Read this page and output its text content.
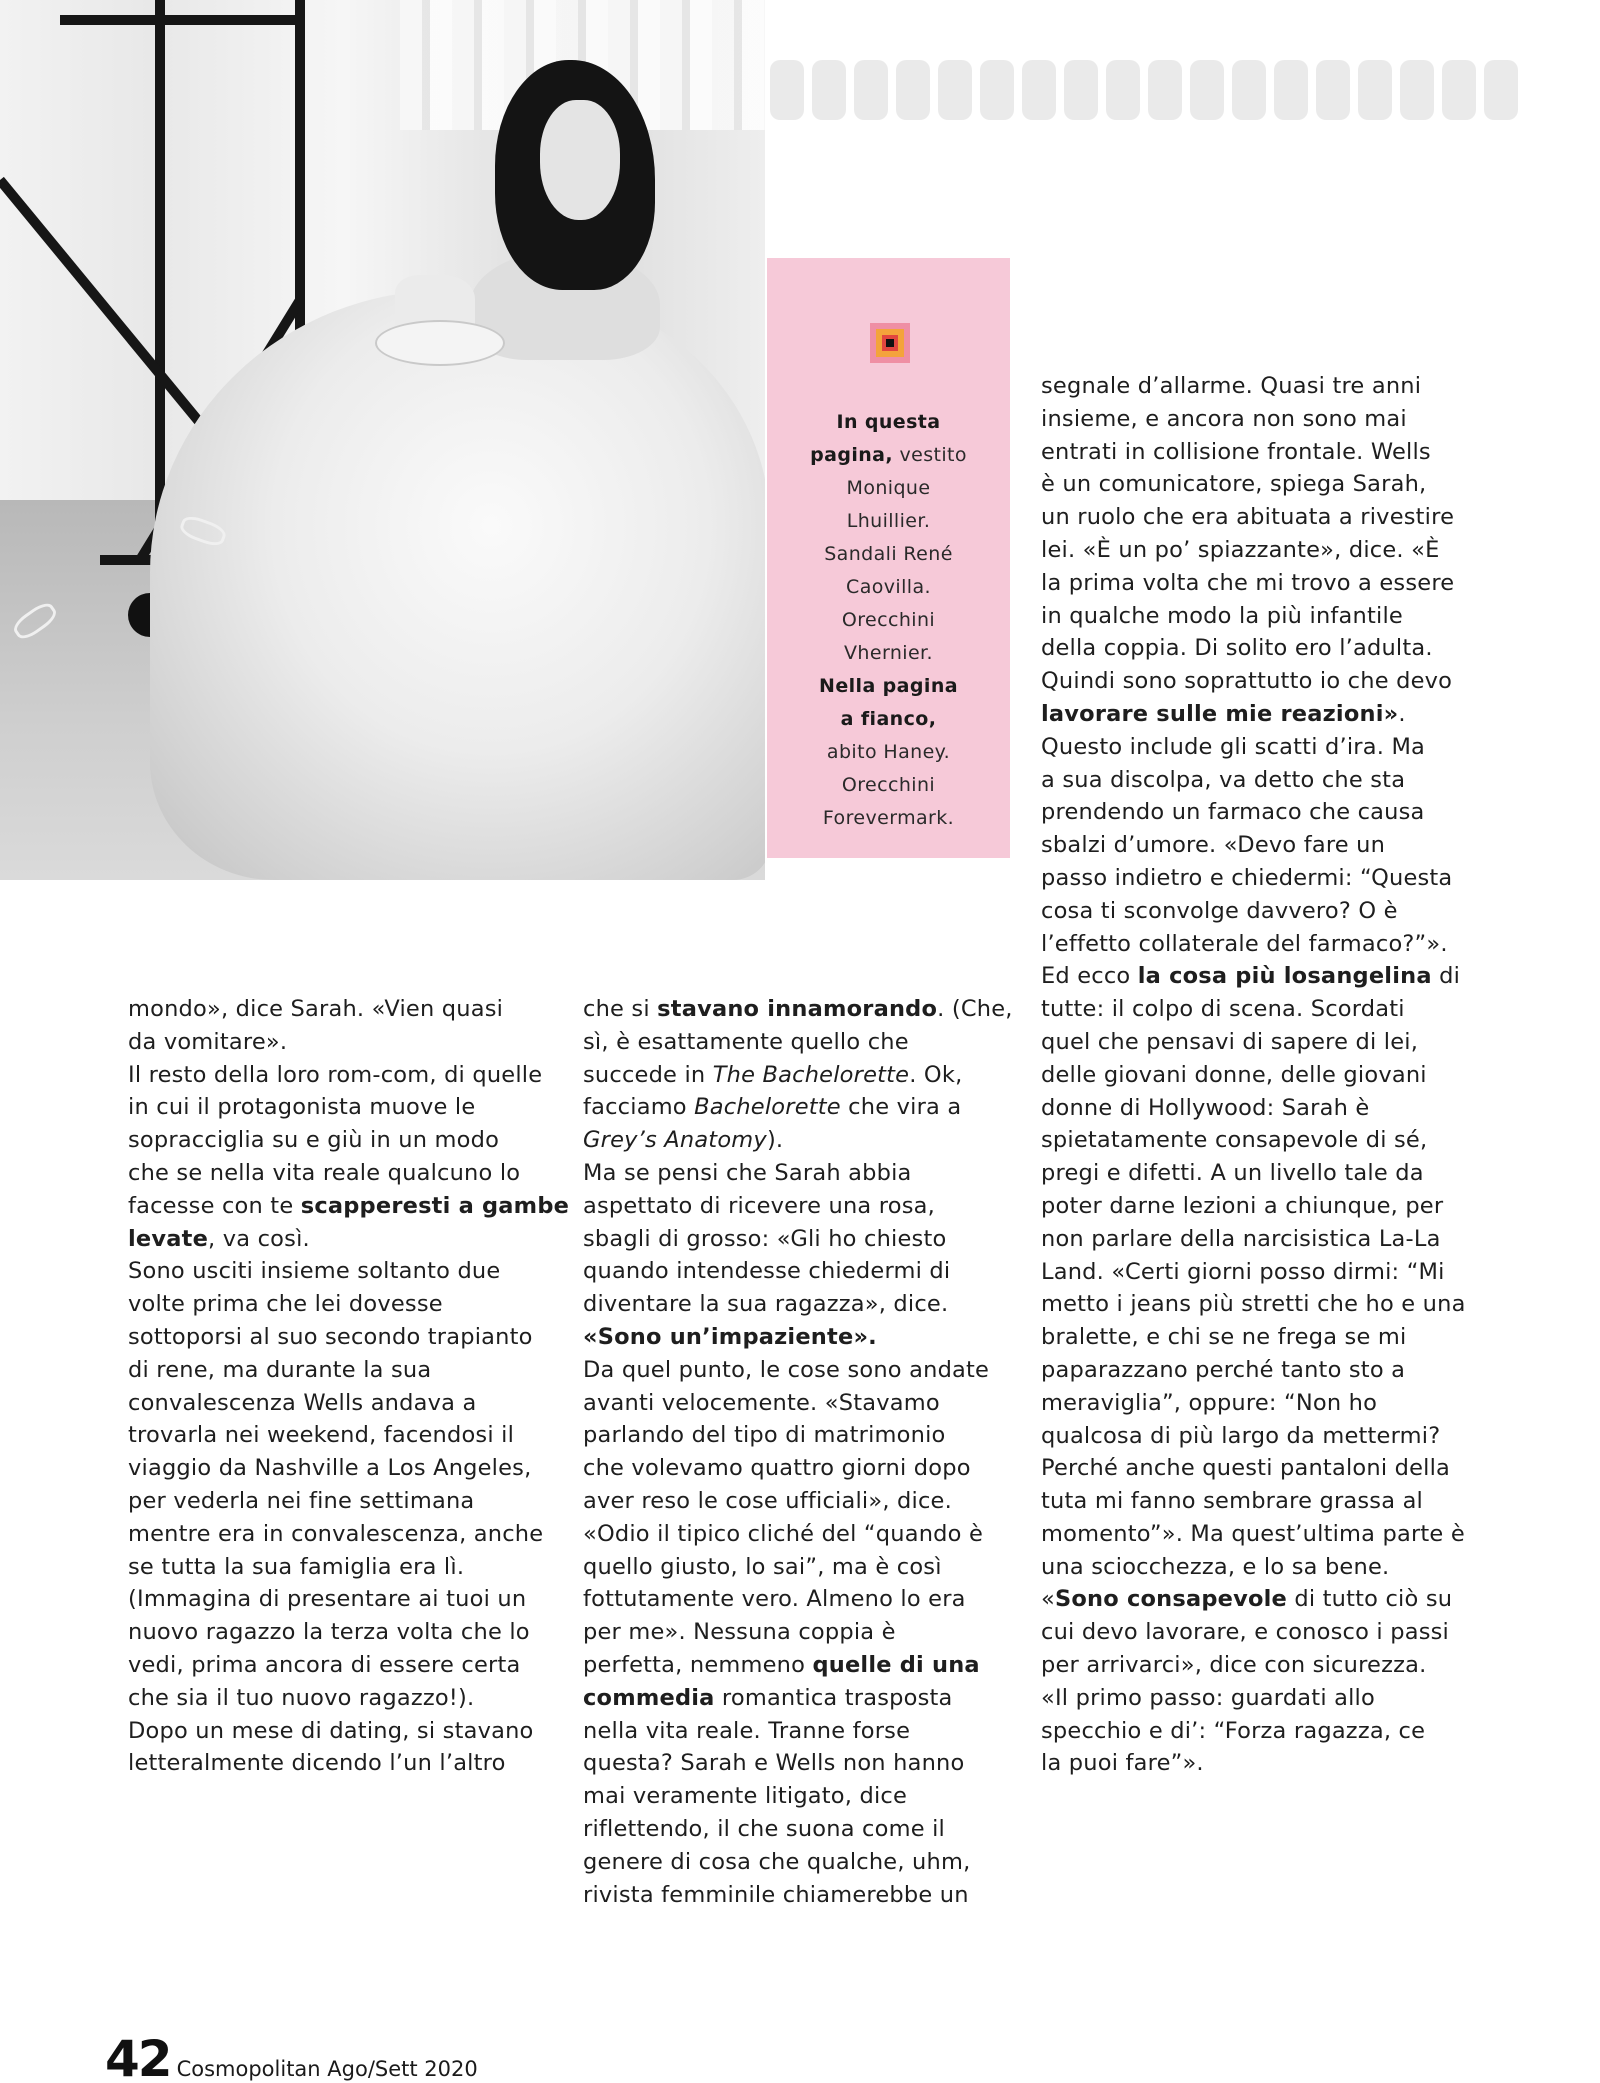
In questa
pagina, vestito
Monique
Lhuillier.
Sandali René
Caovilla.
Orecchini
Vhernier.
Nella pagina
a fianco,
abito Haney.
Orecchini
Forevermark.
mondo», dice Sarah. «Vien quasi
da vomitare».
Il resto della loro rom-com, di quelle
in cui il protagonista muove le
sopracciglia su e giù in un modo
che se nella vita reale qualcuno lo
facesse con te scapperesti a gambe
levate, va così.
Sono usciti insieme soltanto due
volte prima che lei dovesse
sottoporsi al suo secondo trapianto
di rene, ma durante la sua
convalescenza Wells andava a
trovarla nei weekend, facendosi il
viaggio da Nashville a Los Angeles,
per vederla nei fine settimana
mentre era in convalescenza, anche
se tutta la sua famiglia era lì.
(Immagina di presentare ai tuoi un
nuovo ragazzo la terza volta che lo
vedi, prima ancora di essere certa
che sia il tuo nuovo ragazzo!).
Dopo un mese di dating, si stavano
letteralmente dicendo l’un l’altro
che si stavano innamorando. (Che,
sì, è esattamente quello che
succede in The Bachelorette. Ok,
facciamo Bachelorette che vira a
Grey’s Anatomy).
Ma se pensi che Sarah abbia
aspettato di ricevere una rosa,
sbagli di grosso: «Gli ho chiesto
quando intendesse chiedermi di
diventare la sua ragazza», dice.
«Sono un’impaziente».
Da quel punto, le cose sono andate
avanti velocemente. «Stavamo
parlando del tipo di matrimonio
che volevamo quattro giorni dopo
aver reso le cose ufficiali», dice.
«Odio il tipico cliché del “quando è
quello giusto, lo sai”, ma è così
fottutamente vero. Almeno lo era
per me». Nessuna coppia è
perfetta, nemmeno quelle di una
commedia romantica trasposta
nella vita reale. Tranne forse
questa? Sarah e Wells non hanno
mai veramente litigato, dice
riflettendo, il che suona come il
genere di cosa che qualche, uhm,
rivista femminile chiamerebbe un
segnale d’allarme. Quasi tre anni
insieme, e ancora non sono mai
entrati in collisione frontale. Wells
è un comunicatore, spiega Sarah,
un ruolo che era abituata a rivestire
lei. «È un po’ spiazzante», dice. «È
la prima volta che mi trovo a essere
in qualche modo la più infantile
della coppia. Di solito ero l’adulta.
Quindi sono soprattutto io che devo
lavorare sulle mie reazioni».
Questo include gli scatti d’ira. Ma
a sua discolpa, va detto che sta
prendendo un farmaco che causa
sbalzi d’umore. «Devo fare un
passo indietro e chiedermi: “Questa
cosa ti sconvolge davvero? O è
l’effetto collaterale del farmaco?”».
Ed ecco la cosa più losangelina di
tutte: il colpo di scena. Scordati
quel che pensavi di sapere di lei,
delle giovani donne, delle giovani
donne di Hollywood: Sarah è
spietatamente consapevole di sé,
pregi e difetti. A un livello tale da
poter darne lezioni a chiunque, per
non parlare della narcisistica La-La
Land. «Certi giorni posso dirmi: “Mi
metto i jeans più stretti che ho e una
bralette, e chi se ne frega se mi
paparazzano perché tanto sto a
meraviglia”, oppure: “Non ho
qualcosa di più largo da mettermi?
Perché anche questi pantaloni della
tuta mi fanno sembrare grassa al
momento”». Ma quest’ultima parte è
una sciocchezza, e lo sa bene.
«Sono consapevole di tutto ciò su
cui devo lavorare, e conosco i passi
per arrivarci», dice con sicurezza.
«Il primo passo: guardati allo
specchio e di’: “Forza ragazza, ce
la puoi fare”».
42 Cosmopolitan Ago/Sett 2020
